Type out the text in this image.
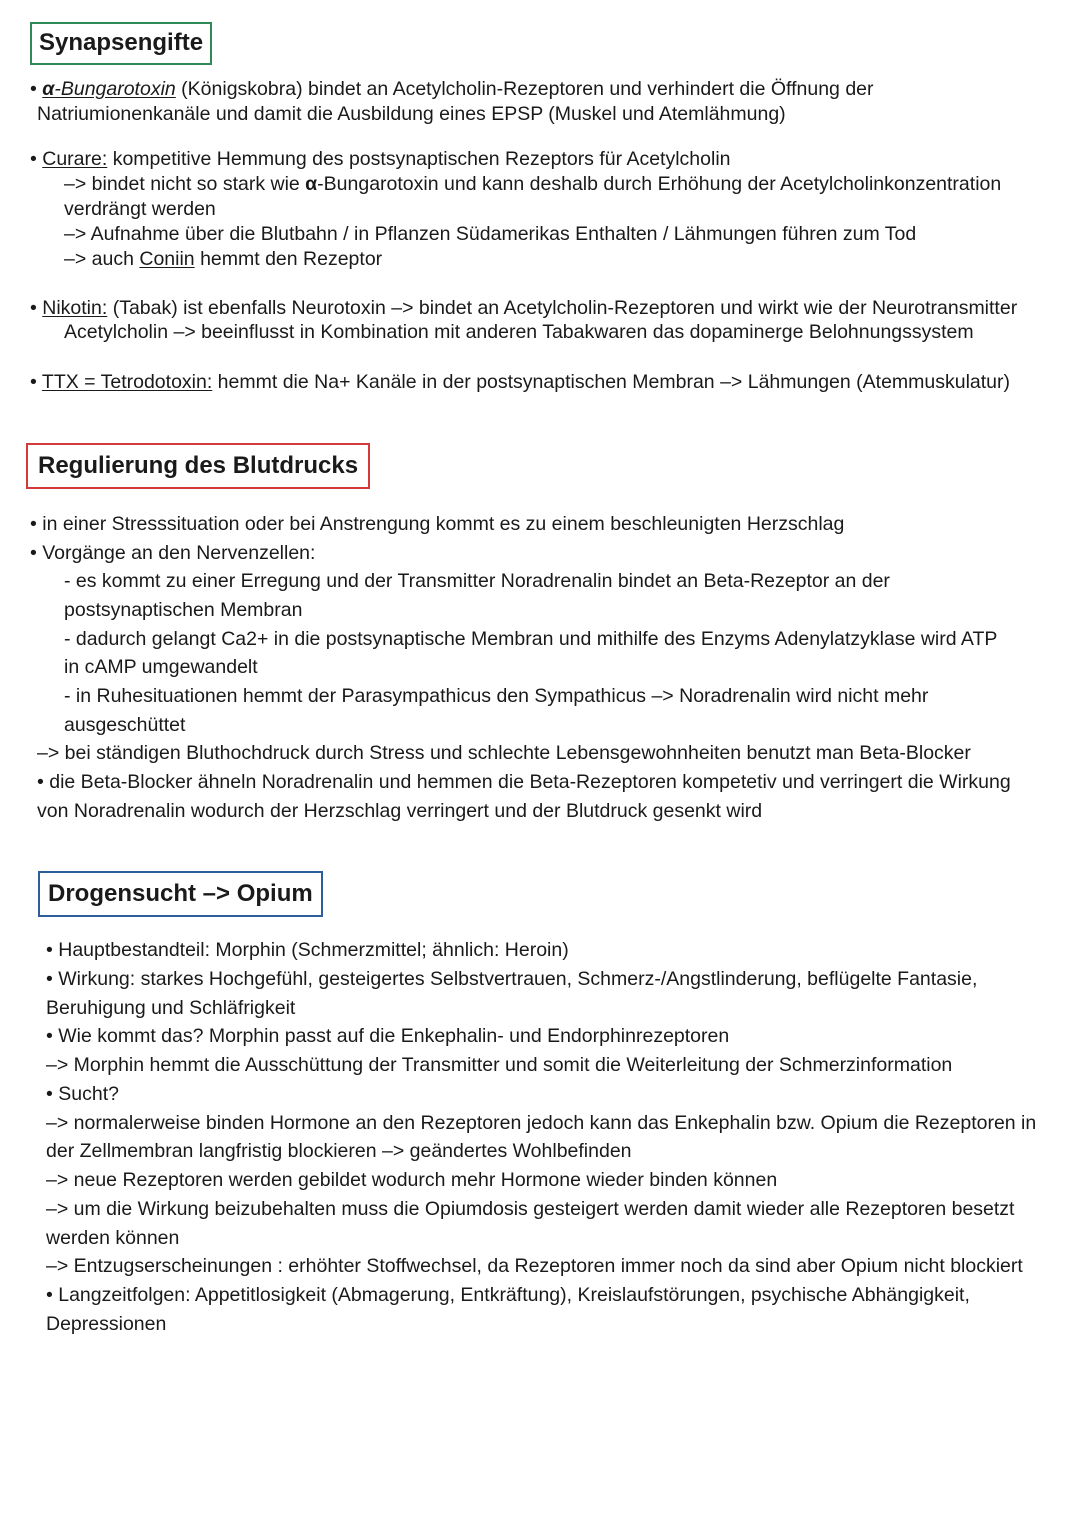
Synapsengifte
• α-Bungarotoxin (Königskobra) bindet an Acetylcholin-Rezeptoren und verhindert die Öffnung der
Natriumionenkanäle und damit die Ausbildung eines EPSP (Muskel und Atemlähmung)
• Curare: kompetitive Hemmung des postsynaptischen Rezeptors für Acetylcholin
–> bindet nicht so stark wie α-Bungarotoxin und kann deshalb durch Erhöhung der Acetylcholinkonzentration
verdrängt werden
–> Aufnahme über die Blutbahn / in Pflanzen Südamerikas Enthalten / Lähmungen führen zum Tod
–> auch Coniin hemmt den Rezeptor
• Nikotin: (Tabak) ist ebenfalls Neurotoxin –> bindet an Acetylcholin-Rezeptoren und wirkt wie der Neurotransmitter
Acetylcholin –> beeinflusst in Kombination mit anderen Tabakwaren das dopaminerge Belohnungssystem
• TTX = Tetrodotoxin: hemmt die Na+ Kanäle in der postsynaptischen Membran –> Lähmungen (Atemmuskulatur)
Regulierung des Blutdrucks
• in einer Stresssituation oder bei Anstrengung kommt es zu einem beschleunigten Herzschlag
• Vorgänge an den Nervenzellen:
- es kommt zu einer Erregung und der Transmitter Noradrenalin bindet an Beta-Rezeptor an der
postsynaptischen Membran
- dadurch gelangt Ca2+ in die postsynaptische Membran und mithilfe des Enzyms Adenylatzyklase wird ATP
in cAMP umgewandelt
- in Ruhesituationen hemmt der Parasympathicus den Sympathicus –> Noradrenalin wird nicht mehr
ausgeschüttet
–> bei ständigen Bluthochdruck durch Stress und schlechte Lebensgewohnheiten benutzt man Beta-Blocker
• die Beta-Blocker ähneln Noradrenalin und hemmen die Beta-Rezeptoren kompetetiv und verringert die Wirkung
von Noradrenalin wodurch der Herzschlag verringert und der Blutdruck gesenkt wird
Drogensucht –> Opium
• Hauptbestandteil: Morphin (Schmerzmittel; ähnlich: Heroin)
• Wirkung: starkes Hochgefühl, gesteigertes Selbstvertrauen, Schmerz-/Angstlinderung, beflügelte Fantasie,
Beruhigung und Schläfrigkeit
• Wie kommt das? Morphin passt auf die Enkephalin- und Endorphinrezeptoren
–> Morphin hemmt die Ausschüttung der Transmitter und somit die Weiterleitung der Schmerzinformation
• Sucht?
–> normalerweise binden Hormone an den Rezeptoren jedoch kann das Enkephalin bzw. Opium die Rezeptoren in
der Zellmembran langfristig blockieren –> geändertes Wohlbefinden
–> neue Rezeptoren werden gebildet wodurch mehr Hormone wieder binden können
–> um die Wirkung beizubehalten muss die Opiumdosis gesteigert werden damit wieder alle Rezeptoren besetzt
werden können
–> Entzugserscheinungen : erhöhter Stoffwechsel, da Rezeptoren immer noch da sind aber Opium nicht blockiert
• Langzeitfolgen: Appetitlosigkeit (Abmagerung, Entkräftung), Kreislaufstörungen, psychische Abhängigkeit,
Depressionen
